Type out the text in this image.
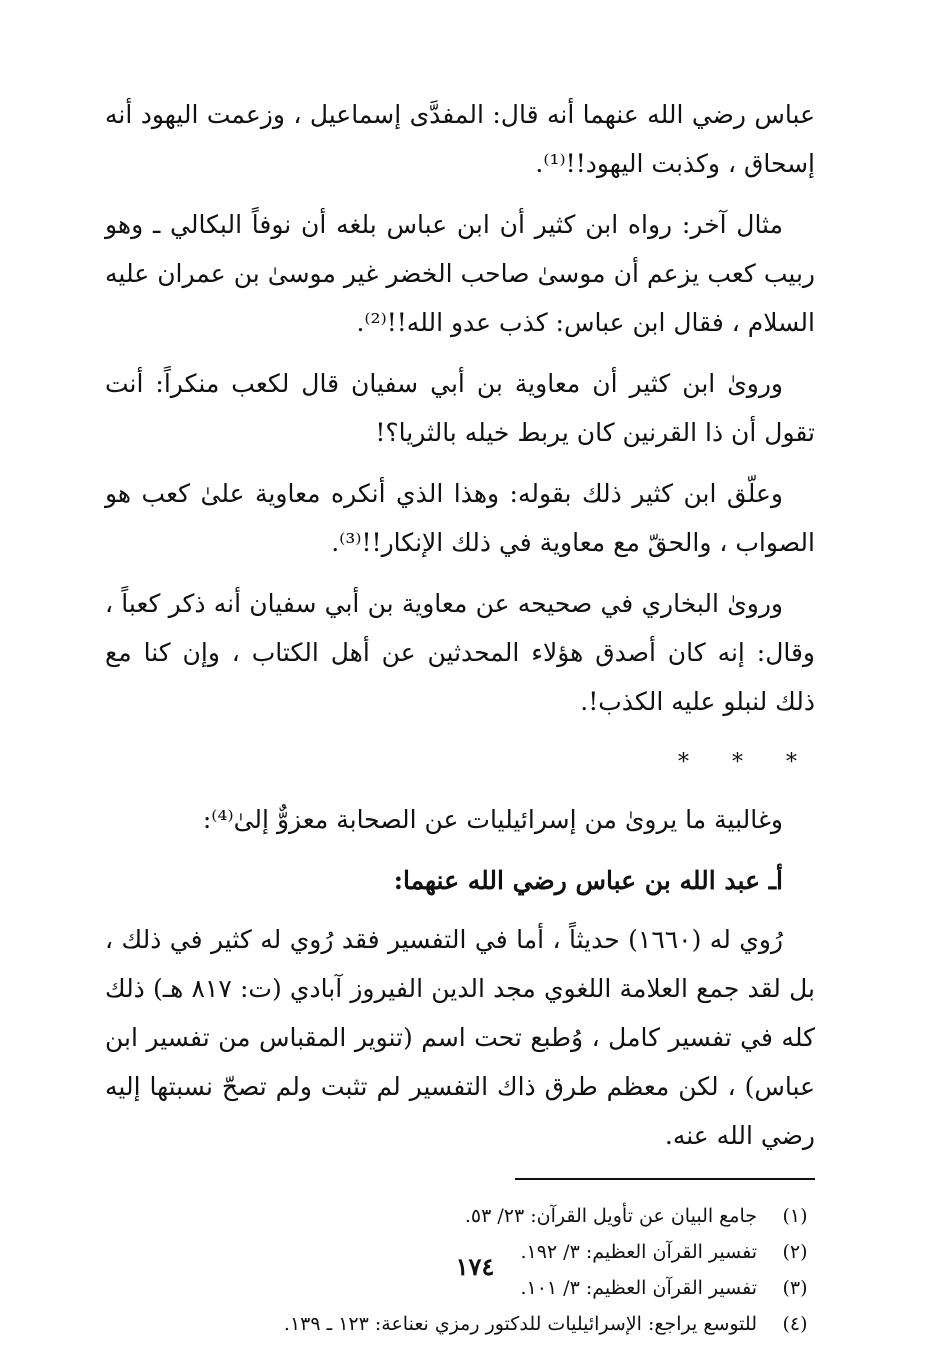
عباس رضي الله عنهما أنه قال: المفدَّى إسماعيل ، وزعمت اليهود أنه إسحاق ، وكذبت اليهود!!⁽¹⁾.

مثال آخر: رواه ابن كثير أن ابن عباس بلغه أن نوفاً البكالي ـ وهو ربيب كعب يزعم أن موسىٰ صاحب الخضر غير موسىٰ بن عمران عليه السلام ، فقال ابن عباس: كذب عدو الله!!⁽²⁾.

ورویٰ ابن كثير أن معاوية بن أبي سفيان قال لكعب منكراً: أنت تقول أن ذا القرنين كان يربط خيله بالثريا؟!

وعلّق ابن كثير ذلك بقوله: وهذا الذي أنكره معاوية علىٰ كعب هو الصواب ، والحقّ مع معاوية في ذلك الإنكار!!⁽³⁾.

ورویٰ البخاري في صحيحه عن معاوية بن أبي سفيان أنه ذكر كعباً ، وقال: إنه كان أصدق هؤلاء المحدثين عن أهل الكتاب ، وإن كنا مع ذلك لنبلو عليه الكذب!.

* * *

وغالبية ما يرویٰ من إسرائيليات عن الصحابة معزوٌّ إلىٰ⁽⁴⁾:

أـ عبد الله بن عباس رضي الله عنهما:

رُوي له (١٦٦٠) حديثاً ، أما في التفسير فقد رُوي له كثير في ذلك ، بل لقد جمع العلامة اللغوي مجد الدين الفيروز آبادي (ت: ٨١٧ هـ) ذلك كله في تفسير كامل ، وُطبع تحت اسم (تنوير المقباس من تفسير ابن عباس) ، لكن معظم طرق ذاك التفسير لم تثبت ولم تصحّ نسبتها إليه رضي الله عنه.

(١)
جامع البيان عن تأويل القرآن: ٢٣/ ٥٣.
(٢)
تفسير القرآن العظيم: ٣/ ١٩٢.
(٣)
تفسير القرآن العظيم: ٣/ ١٠١.
(٤)
للتوسع يراجع: الإسرائيليات للدكتور رمزي نعناعة: ١٢٣ ـ ١٣٩.
١٧٤
